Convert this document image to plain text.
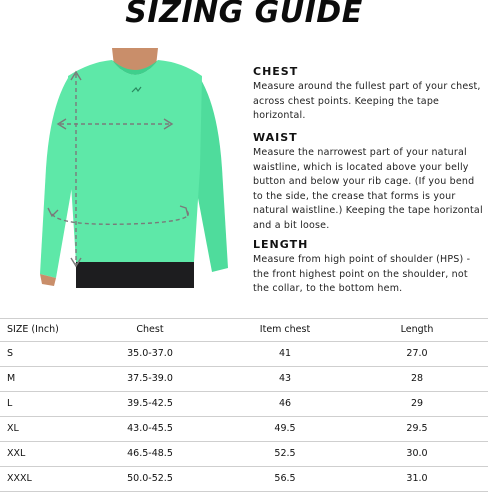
SIZING GUIDE
CHEST
Measure around the fullest part of your chest, across chest points. Keeping the tape horizontal.
WAIST
Measure the narrowest part of your natural waistline, which is located above your belly button and below your rib cage. (If you bend to the side, the crease that forms is your natural waistline.) Keeping the tape horizontal and a bit loose.
LENGTH
Measure from high point of shoulder (HPS) - the front highest point on the shoulder, not the collar, to the bottom hem.
SIZE (Inch)	Chest	Item chest	Length
S	35.0-37.0	41	27.0
M	37.5-39.0	43	28
L	39.5-42.5	46	29
XL	43.0-45.5	49.5	29.5
XXL	46.5-48.5	52.5	30.0
XXXL	50.0-52.5	56.5	31.0
